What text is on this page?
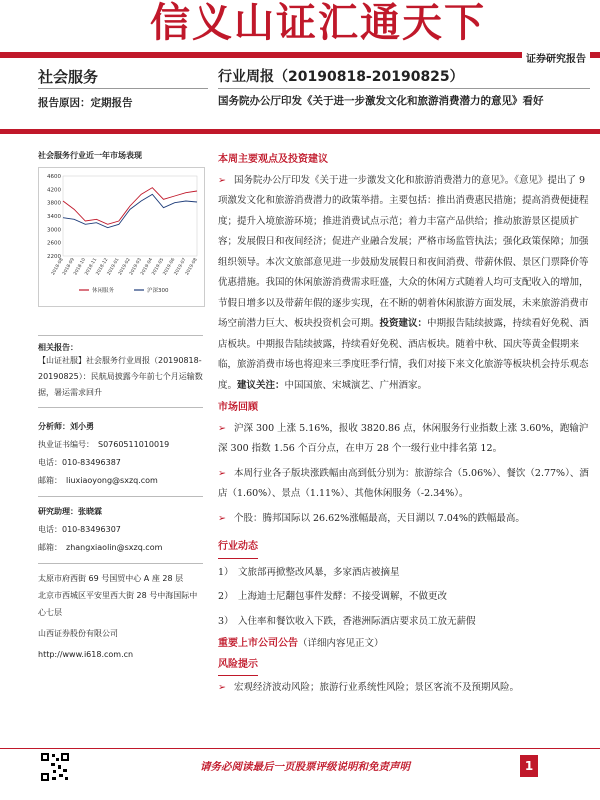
信义山证汇通天下
证券研究报告
社会服务	行业周报（20190818-20190825）
报告原因：定期报告	国务院办公厅印发《关于进一步激发文化和旅游消费潜力的意见》看好
社会服务行业近一年市场表现
2200
2600
3000
3400
3800
4200
4600
2018-08
2018-09
2018-10
2018-11
2018-12
2019-01
2019-02
2019-03
2019-04
2019-05
2019-06
2019-07
2019-08
休闲服务	沪深300
相关报告：
【山证社服】社会服务行业周报（20190818-20190825）：民航局披露今年前七个月运输数据，暑运需求回升
分析师：刘小勇
执业证书编号：　S0760511010019
电话：010-83496387
邮箱：　liuxiaoyong@sxzq.com
研究助理：张晓霖
电话：010-83496307
邮箱：　zhangxiaolin@sxzq.com
太原市府西街 69 号国贸中心 A 座 28 层
北京市西城区平安里西大街 28 号中海国际中心七层
山西证券股份有限公司
http://www.i618.com.cn
本周主要观点及投资建议

➢ 国务院办公厅印发《关于进一步激发文化和旅游消费潜力的意见》。《意见》提出了 9 项激发文化和旅游消费潜力的政策举措。主要包括：推出消费惠民措施；提高消费便捷程度；提升入境旅游环境；推进消费试点示范；着力丰富产品供给；推动旅游景区提质扩容；发展假日和夜间经济；促进产业融合发展；严格市场监管执法；强化政策保障；加强组织领导。本次文旅部意见进一步鼓励发展假日和夜间消费、带薪休假、景区门票降价等优惠措施。我国的休闲旅游消费需求旺盛，大众的休闲方式随着人均可支配收入的增加，节假日增多以及带薪年假的逐步实现，在不断的朝着休闲旅游方面发展，未来旅游消费市场空前潜力巨大、板块投资机会可期。投资建议：中期报告陆续披露，持续看好免税、酒店板块。中期报告陆续披露，持续看好免税、酒店板块。随着中秋、国庆等黄金假期来临，旅游消费市场也将迎来三季度旺季行情，我们对接下来文化旅游等板块机会持乐观态度。建议关注：中国国旅、宋城演艺、广州酒家。

市场回顾

➢ 沪深 300 上涨 5.16%，报收 3820.86 点，休闲服务行业指数上涨 3.60%，跑输沪深 300 指数 1.56 个百分点，在申万 28 个一级行业中排名第 12。

➢ 本周行业各子版块涨跌幅由高到低分别为：旅游综合（5.06%）、餐饮（2.77%）、酒店（1.60%）、景点（1.11%）、其他休闲服务（-2.34%）。

➢ 个股：腾邦国际以 26.62%涨幅最高，天目湖以 7.04%的跌幅最高。

行业动态

1） 文旅部再掀整改风暴，多家酒店被摘星

2） 上海迪士尼翻包事件发酵：不接受调解，不做更改

3） 入住率和餐饮收入下跌，香港洲际酒店要求员工放无薪假

重要上市公司公告（详细内容见正文）
风险提示

➢ 宏观经济波动风险；旅游行业系统性风险；景区客流不及预期风险。

请务必阅读最后一页股票评级说明和免责声明	1
